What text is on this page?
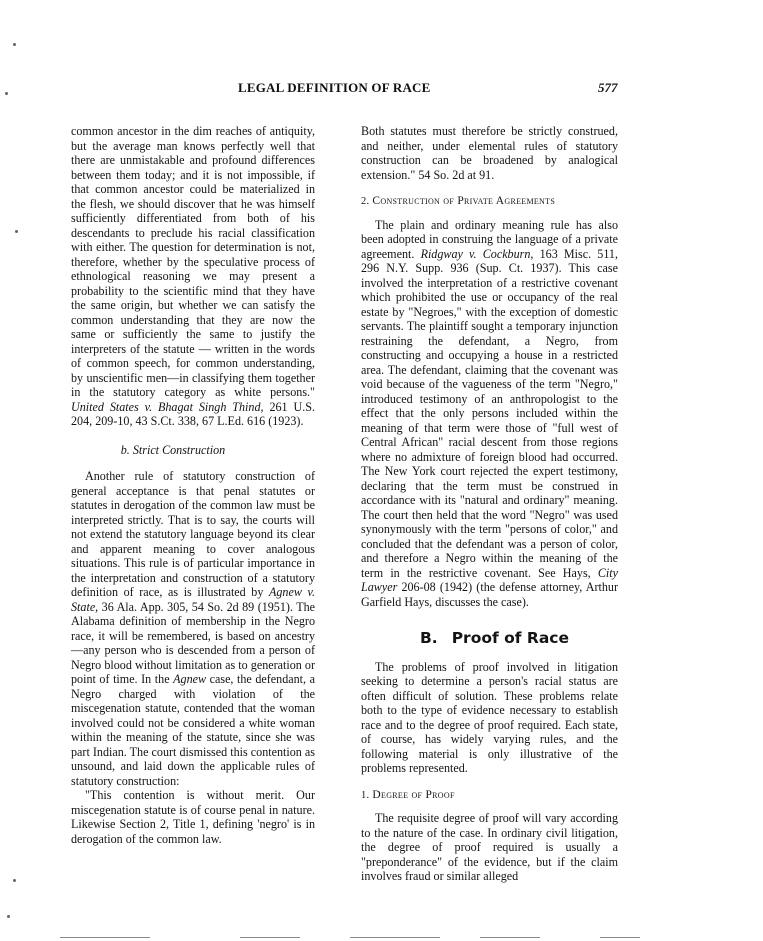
LEGAL DEFINITION OF RACE	577

common ancestor in the dim reaches of antiquity, but the average man knows perfectly well that there are unmistakable and profound differences between them today; and it is not impossible, if that common ancestor could be materialized in the flesh, we should discover that he was himself sufficiently differentiated from both of his descendants to preclude his racial classification with either. The question for determination is not, therefore, whether by the speculative process of ethnological reasoning we may present a probability to the scientific mind that they have the same origin, but whether we can satisfy the common understanding that they are now the same or sufficiently the same to justify the interpreters of the statute — written in the words of common speech, for common understanding, by unscientific men—in classifying them together in the statutory category as white persons." United States v. Bhagat Singh Thind, 261 U.S. 204, 209-10, 43 S.Ct. 338, 67 L.Ed. 616 (1923).

b. Strict Construction

Another rule of statutory construction of general acceptance is that penal statutes or statutes in derogation of the common law must be interpreted strictly. That is to say, the courts will not extend the statutory language beyond its clear and apparent meaning to cover analogous situations. This rule is of particular importance in the interpretation and construction of a statutory definition of race, as is illustrated by Agnew v. State, 36 Ala. App. 305, 54 So. 2d 89 (1951). The Alabama definition of membership in the Negro race, it will be remembered, is based on ancestry—any person who is descended from a person of Negro blood without limitation as to generation or point of time. In the Agnew case, the defendant, a Negro charged with violation of the miscegenation statute, contended that the woman involved could not be considered a white woman within the meaning of the statute, since she was part Indian. The court dismissed this contention as unsound, and laid down the applicable rules of statutory construction:

"This contention is without merit. Our miscegenation statute is of course penal in nature. Likewise Section 2, Title 1, defining 'negro' is in derogation of the common law.

Both statutes must therefore be strictly construed, and neither, under elemental rules of statutory construction can be broadened by analogical extension." 54 So. 2d at 91.

2. Construction of Private Agreements

The plain and ordinary meaning rule has also been adopted in construing the language of a private agreement. Ridgway v. Cockburn, 163 Misc. 511, 296 N.Y. Supp. 936 (Sup. Ct. 1937). This case involved the interpretation of a restrictive covenant which prohibited the use or occupancy of the real estate by "Negroes," with the exception of domestic servants. The plaintiff sought a temporary injunction restraining the defendant, a Negro, from constructing and occupying a house in a restricted area. The defendant, claiming that the covenant was void because of the vagueness of the term "Negro," introduced testimony of an anthropologist to the effect that the only persons included within the meaning of that term were those of "full west of Central African" racial descent from those regions where no admixture of foreign blood had occurred. The New York court rejected the expert testimony, declaring that the term must be construed in accordance with its "natural and ordinary" meaning. The court then held that the word "Negro" was used synonymously with the term "persons of color," and concluded that the defendant was a person of color, and therefore a Negro within the meaning of the term in the restrictive covenant. See Hays, City Lawyer 206-08 (1942) (the defense attorney, Arthur Garfield Hays, discusses the case).

B. Proof of Race

The problems of proof involved in litigation seeking to determine a person's racial status are often difficult of solution. These problems relate both to the type of evidence necessary to establish race and to the degree of proof required. Each state, of course, has widely varying rules, and the following material is only illustrative of the problems represented.

1. Degree of Proof

The requisite degree of proof will vary according to the nature of the case. In ordinary civil litigation, the degree of proof required is usually a "preponderance" of the evidence, but if the claim involves fraud or similar alleged
